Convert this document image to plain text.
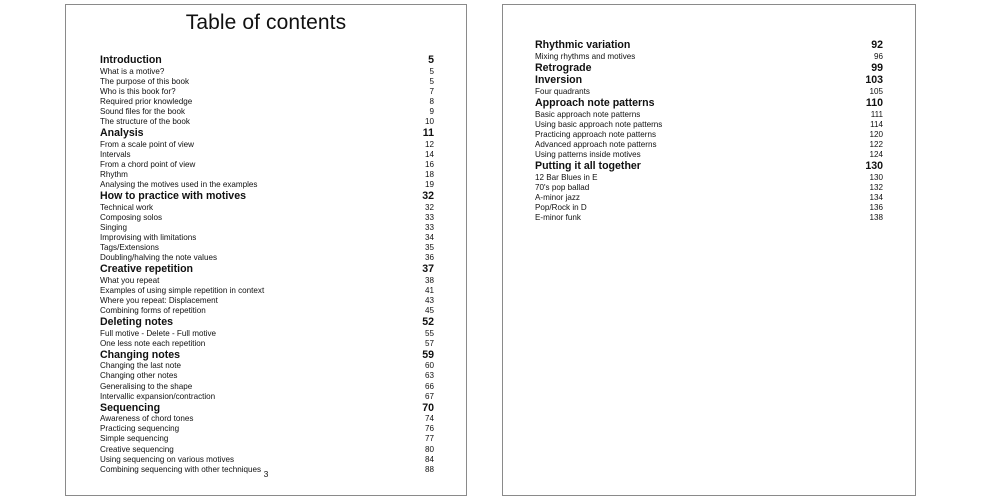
Table of contents
Introduction	5
What is a motive?	5
The purpose of this book	5
Who is this book for?	7
Required prior knowledge	8
Sound files for the book	9
The structure of the book	10
Analysis	11
From a scale point of view	12
Intervals	14
From a chord point of view	16
Rhythm	18
Analysing the motives used in the examples	19
How to practice with motives	32
Technical work	32
Composing solos	33
Singing	33
Improvising with limitations	34
Tags/Extensions	35
Doubling/halving the note values	36
Creative repetition	37
What you repeat	38
Examples of using simple repetition in context	41
Where you repeat: Displacement	43
Combining forms of repetition	45
Deleting notes	52
Full motive - Delete - Full motive	55
One less note each repetition	57
Changing notes	59
Changing the last note	60
Changing other notes	63
Generalising to the shape	66
Intervallic expansion/contraction	67
Sequencing	70
Awareness of chord tones	74
Practicing sequencing	76
Simple sequencing	77
Creative sequencing	80
Using sequencing on various motives	84
Combining sequencing with other techniques	88
3
Rhythmic variation	92
Mixing rhythms and motives	96
Retrograde	99
Inversion	103
Four quadrants	105
Approach note patterns	110
Basic approach note patterns	111
Using basic approach note patterns	114
Practicing approach note patterns	120
Advanced approach note patterns	122
Using patterns inside motives	124
Putting it all together	130
12 Bar Blues in E	130
70's pop ballad	132
A-minor jazz	134
Pop/Rock in D	136
E-minor funk	138
